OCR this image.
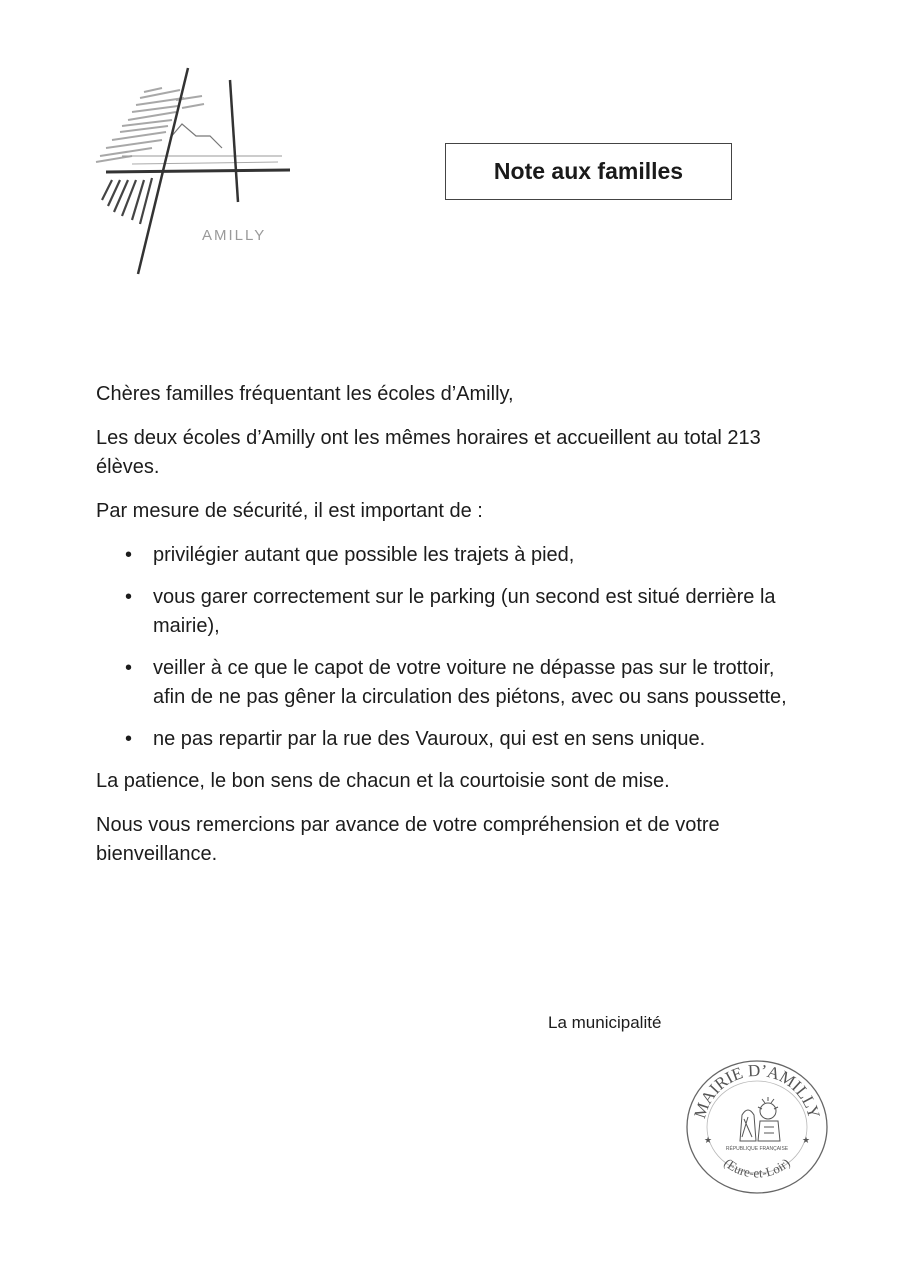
AMILLY
Note aux familles

Chères familles fréquentant les écoles d’Amilly,

Les deux écoles d’Amilly ont les mêmes horaires et accueillent au total 213 élèves.

Par mesure de sécurité, il est important de :

• privilégier autant que possible les trajets à pied,
• vous garer correctement sur le parking (un second est situé derrière la mairie),
• veiller à ce que le capot de votre voiture ne dépasse pas sur le trottoir, afin de ne pas gêner la circulation des piétons, avec ou sans poussette,
• ne pas repartir par la rue des Vauroux, qui est en sens unique.

La patience, le bon sens de chacun et la courtoisie sont de mise.

Nous vous remercions par avance de votre compréhension et de votre bienveillance.

La municipalité
MAIRIE D’AMILLY
(Eure-et-Loir)
★	★
RÉPUBLIQUE FRANÇAISE
